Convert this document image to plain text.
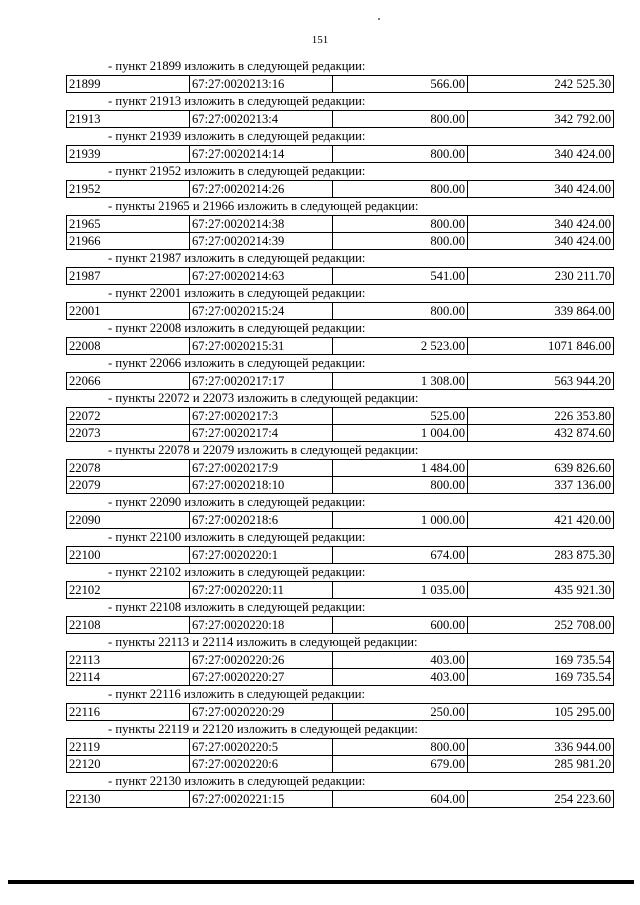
151
- пункт 21899 изложить в следующей редакции:
21899	67:27:0020213:16	566.00	242 525.30
- пункт 21913 изложить в следующей редакции:
21913	67:27:0020213:4	800.00	342 792.00
- пункт 21939 изложить в следующей редакции:
21939	67:27:0020214:14	800.00	340 424.00
- пункт 21952 изложить в следующей редакции:
21952	67:27:0020214:26	800.00	340 424.00
- пункты 21965 и 21966 изложить в следующей редакции:
21965	67:27:0020214:38	800.00	340 424.00
21966	67:27:0020214:39	800.00	340 424.00
- пункт 21987 изложить в следующей редакции:
21987	67:27:0020214:63	541.00	230 211.70
- пункт 22001 изложить в следующей редакции:
22001	67:27:0020215:24	800.00	339 864.00
- пункт 22008 изложить в следующей редакции:
22008	67:27:0020215:31	2 523.00	1071 846.00
- пункт 22066 изложить в следующей редакции:
22066	67:27:0020217:17	1 308.00	563 944.20
- пункты 22072 и 22073 изложить в следующей редакции:
22072	67:27:0020217:3	525.00	226 353.80
22073	67:27:0020217:4	1 004.00	432 874.60
- пункты 22078 и 22079 изложить в следующей редакции:
22078	67:27:0020217:9	1 484.00	639 826.60
22079	67:27:0020218:10	800.00	337 136.00
- пункт 22090 изложить в следующей редакции:
22090	67:27:0020218:6	1 000.00	421 420.00
- пункт 22100 изложить в следующей редакции:
22100	67:27:0020220:1	674.00	283 875.30
- пункт 22102 изложить в следующей редакции:
22102	67:27:0020220:11	1 035.00	435 921.30
- пункт 22108 изложить в следующей редакции:
22108	67:27:0020220:18	600.00	252 708.00
- пункты 22113 и 22114 изложить в следующей редакции:
22113	67:27:0020220:26	403.00	169 735.54
22114	67:27:0020220:27	403.00	169 735.54
- пункт 22116 изложить в следующей редакции:
22116	67:27:0020220:29	250.00	105 295.00
- пункты 22119 и 22120 изложить в следующей редакции:
22119	67:27:0020220:5	800.00	336 944.00
22120	67:27:0020220:6	679.00	285 981.20
- пункт 22130 изложить в следующей редакции:
22130	67:27:0020221:15	604.00	254 223.60
